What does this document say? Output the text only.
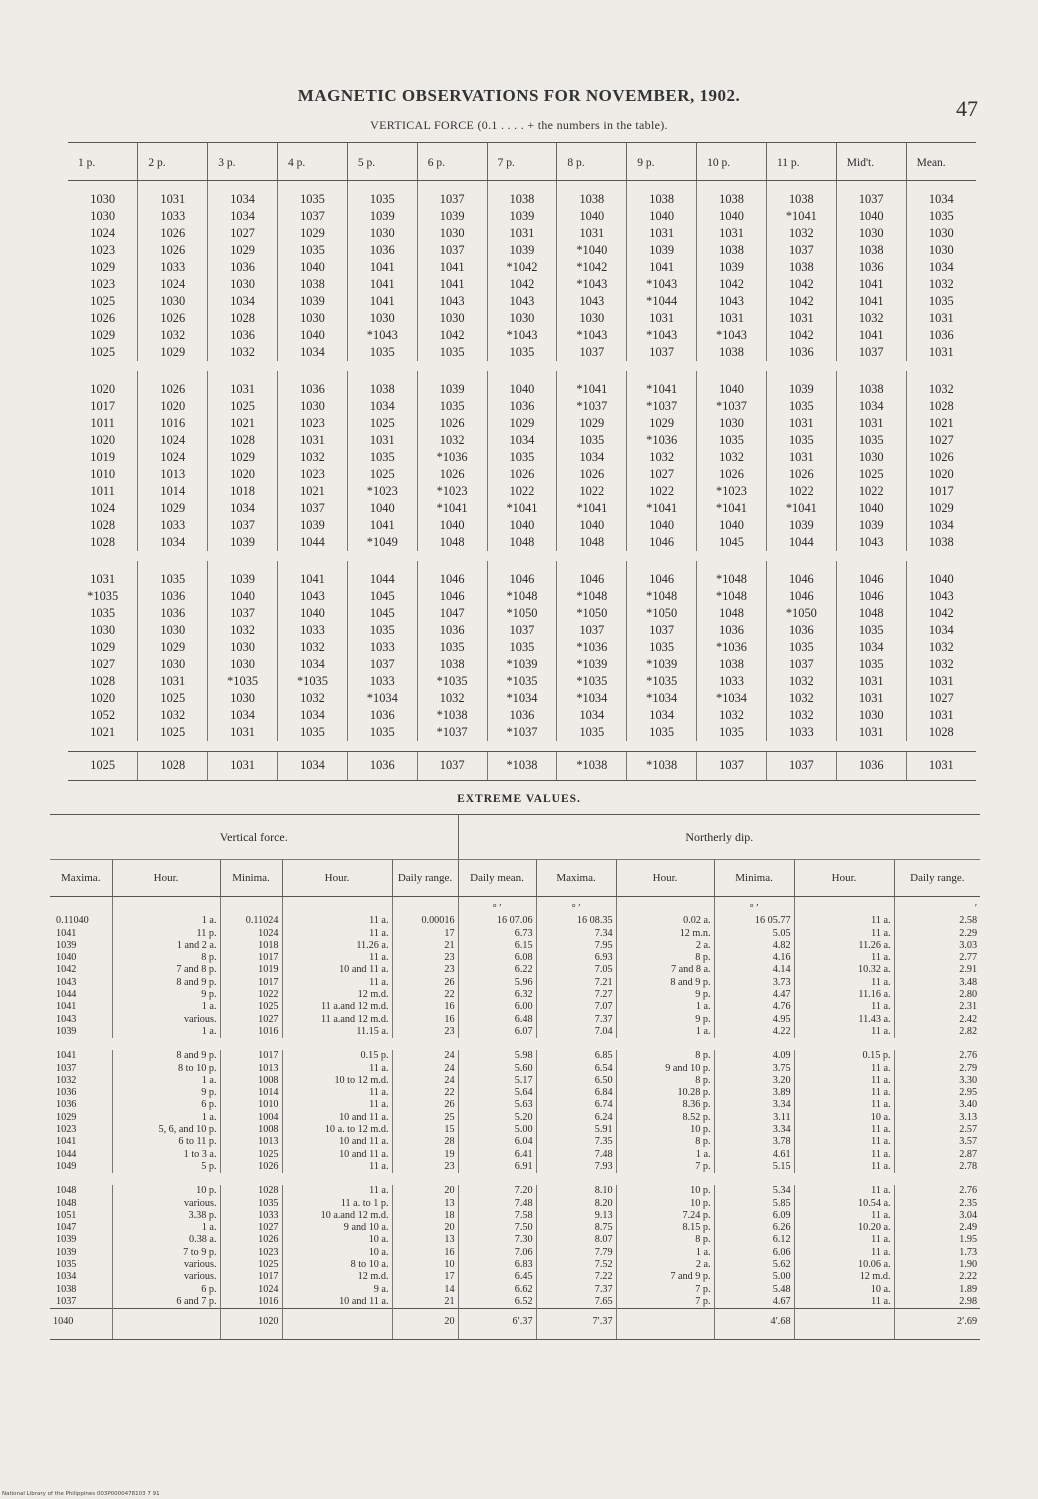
MAGNETIC OBSERVATIONS FOR NOVEMBER, 1902.
47
VERTICAL FORCE (0.1 . . . . + the numbers in the table).
1 p.	2 p.	3 p.	4 p.	5 p.	6 p.	7 p.	8 p.	9 p.	10 p.	11 p.	Mid't.	Mean.
1030	1031	1034	1035	1035	1037	1038	1038	1038	1038	1038	1037	1034
1030	1033	1034	1037	1039	1039	1039	1040	1040	1040	*1041	1040	1035
1024	1026	1027	1029	1030	1030	1031	1031	1031	1031	1032	1030	1030
1023	1026	1029	1035	1036	1037	1039	*1040	1039	1038	1037	1038	1030
1029	1033	1036	1040	1041	1041	*1042	*1042	1041	1039	1038	1036	1034
1023	1024	1030	1038	1041	1041	1042	*1043	*1043	1042	1042	1041	1032
1025	1030	1034	1039	1041	1043	1043	1043	*1044	1043	1042	1041	1035
1026	1026	1028	1030	1030	1030	1030	1030	1031	1031	1031	1032	1031
1029	1032	1036	1040	*1043	1042	*1043	*1043	*1043	*1043	1042	1041	1036
1025	1029	1032	1034	1035	1035	1035	1037	1037	1038	1036	1037	1031

1020	1026	1031	1036	1038	1039	1040	*1041	*1041	1040	1039	1038	1032
1017	1020	1025	1030	1034	1035	1036	*1037	*1037	*1037	1035	1034	1028
1011	1016	1021	1023	1025	1026	1029	1029	1029	1030	1031	1031	1021
1020	1024	1028	1031	1031	1032	1034	1035	*1036	1035	1035	1035	1027
1019	1024	1029	1032	1035	*1036	1035	1034	1032	1032	1031	1030	1026
1010	1013	1020	1023	1025	1026	1026	1026	1027	1026	1026	1025	1020
1011	1014	1018	1021	*1023	*1023	1022	1022	1022	*1023	1022	1022	1017
1024	1029	1034	1037	1040	*1041	*1041	*1041	*1041	*1041	*1041	1040	1029
1028	1033	1037	1039	1041	1040	1040	1040	1040	1040	1039	1039	1034
1028	1034	1039	1044	*1049	1048	1048	1048	1046	1045	1044	1043	1038

1031	1035	1039	1041	1044	1046	1046	1046	1046	*1048	1046	1046	1040
*1035	1036	1040	1043	1045	1046	*1048	*1048	*1048	*1048	1046	1046	1043
1035	1036	1037	1040	1045	1047	*1050	*1050	*1050	1048	*1050	1048	1042
1030	1030	1032	1033	1035	1036	1037	1037	1037	1036	1036	1035	1034
1029	1029	1030	1032	1033	1035	1035	*1036	1035	*1036	1035	1034	1032
1027	1030	1030	1034	1037	1038	*1039	*1039	*1039	1038	1037	1035	1032
1028	1031	*1035	*1035	1033	*1035	*1035	*1035	*1035	1033	1032	1031	1031
1020	1025	1030	1032	*1034	1032	*1034	*1034	*1034	*1034	1032	1031	1027
1052	1032	1034	1034	1036	*1038	1036	1034	1034	1032	1032	1030	1031
1021	1025	1031	1035	1035	*1037	*1037	1035	1035	1035	1033	1031	1028

1025	1028	1031	1034	1036	1037	*1038	*1038	*1038	1037	1037	1036	1031
EXTREME VALUES.
Vertical force.					Northerly dip.					
Maxima.	Hour.	Minima.	Hour.	Daily range.	Daily mean.	Maxima.	Hour.	Minima.	Hour.	Daily range.
					° ′	° ′		° ′		′
0.11040	1 a.	0.11024	11 a.	0.00016	16 07.06	16 08.35	0.02 a.	16 05.77	11 a.	2.58
1041	11 p.	1024	11 a.	17	6.73	7.34	12 m.n.	5.05	11 a.	2.29
1039	1 and 2 a.	1018	11.26 a.	21	6.15	7.95	2 a.	4.82	11.26 a.	3.03
1040	8 p.	1017	11 a.	23	6.08	6.93	8 p.	4.16	11 a.	2.77
1042	7 and 8 p.	1019	10 and 11 a.	23	6.22	7.05	7 and 8 a.	4.14	10.32 a.	2.91
1043	8 and 9 p.	1017	11 a.	26	5.96	7.21	8 and 9 p.	3.73	11 a.	3.48
1044	9 p.	1022	12 m.d.	22	6.32	7.27	9 p.	4.47	11.16 a.	2.80
1041	1 a.	1025	11 a.and 12 m.d.	16	6.00	7.07	1 a.	4.76	11 a.	2.31
1043	various.	1027	11 a.and 12 m.d.	16	6.48	7.37	9 p.	4.95	11.43 a.	2.42
1039	1 a.	1016	11.15 a.	23	6.07	7.04	1 a.	4.22	11 a.	2.82

1041	8 and 9 p.	1017	0.15 p.	24	5.98	6.85	8 p.	4.09	0.15 p.	2.76
1037	8 to 10 p.	1013	11 a.	24	5.60	6.54	9 and 10 p.	3.75	11 a.	2.79
1032	1 a.	1008	10 to 12 m.d.	24	5.17	6.50	8 p.	3.20	11 a.	3.30
1036	9 p.	1014	11 a.	22	5.64	6.84	10.28 p.	3.89	11 a.	2.95
1036	6 p.	1010	11 a.	26	5.63	6.74	8.36 p.	3.34	11 a.	3.40
1029	1 a.	1004	10 and 11 a.	25	5.20	6.24	8.52 p.	3.11	10 a.	3.13
1023	5, 6, and 10 p.	1008	10 a. to 12 m.d.	15	5.00	5.91	10 p.	3.34	11 a.	2.57
1041	6 to 11 p.	1013	10 and 11 a.	28	6.04	7.35	8 p.	3.78	11 a.	3.57
1044	1 to 3 a.	1025	10 and 11 a.	19	6.41	7.48	1 a.	4.61	11 a.	2.87
1049	5 p.	1026	11 a.	23	6.91	7.93	7 p.	5.15	11 a.	2.78

1048	10 p.	1028	11 a.	20	7.20	8.10	10 p.	5.34	11 a.	2.76
1048	various.	1035	11 a. to 1 p.	13	7.48	8.20	10 p.	5.85	10.54 a.	2.35
1051	3.38 p.	1033	10 a.and 12 m.d.	18	7.58	9.13	7.24 p.	6.09	11 a.	3.04
1047	1 a.	1027	9 and 10 a.	20	7.50	8.75	8.15 p.	6.26	10.20 a.	2.49
1039	0.38 a.	1026	10 a.	13	7.30	8.07	8 p.	6.12	11 a.	1.95
1039	7 to 9 p.	1023	10 a.	16	7.06	7.79	1 a.	6.06	11 a.	1.73
1035	various.	1025	8 to 10 a.	10	6.83	7.52	2 a.	5.62	10.06 a.	1.90
1034	various.	1017	12 m.d.	17	6.45	7.22	7 and 9 p.	5.00	12 m.d.	2.22
1038	6 p.	1024	9 a.	14	6.62	7.37	7 p.	5.48	10 a.	1.89
1037	6 and 7 p.	1016	10 and 11 a.	21	6.52	7.65	7 p.	4.67	11 a.	2.98
1040		1020		20	6′.37	7′.37		4′.68		2′.69
National Library of the Philippines 003P0000478103 7 91
